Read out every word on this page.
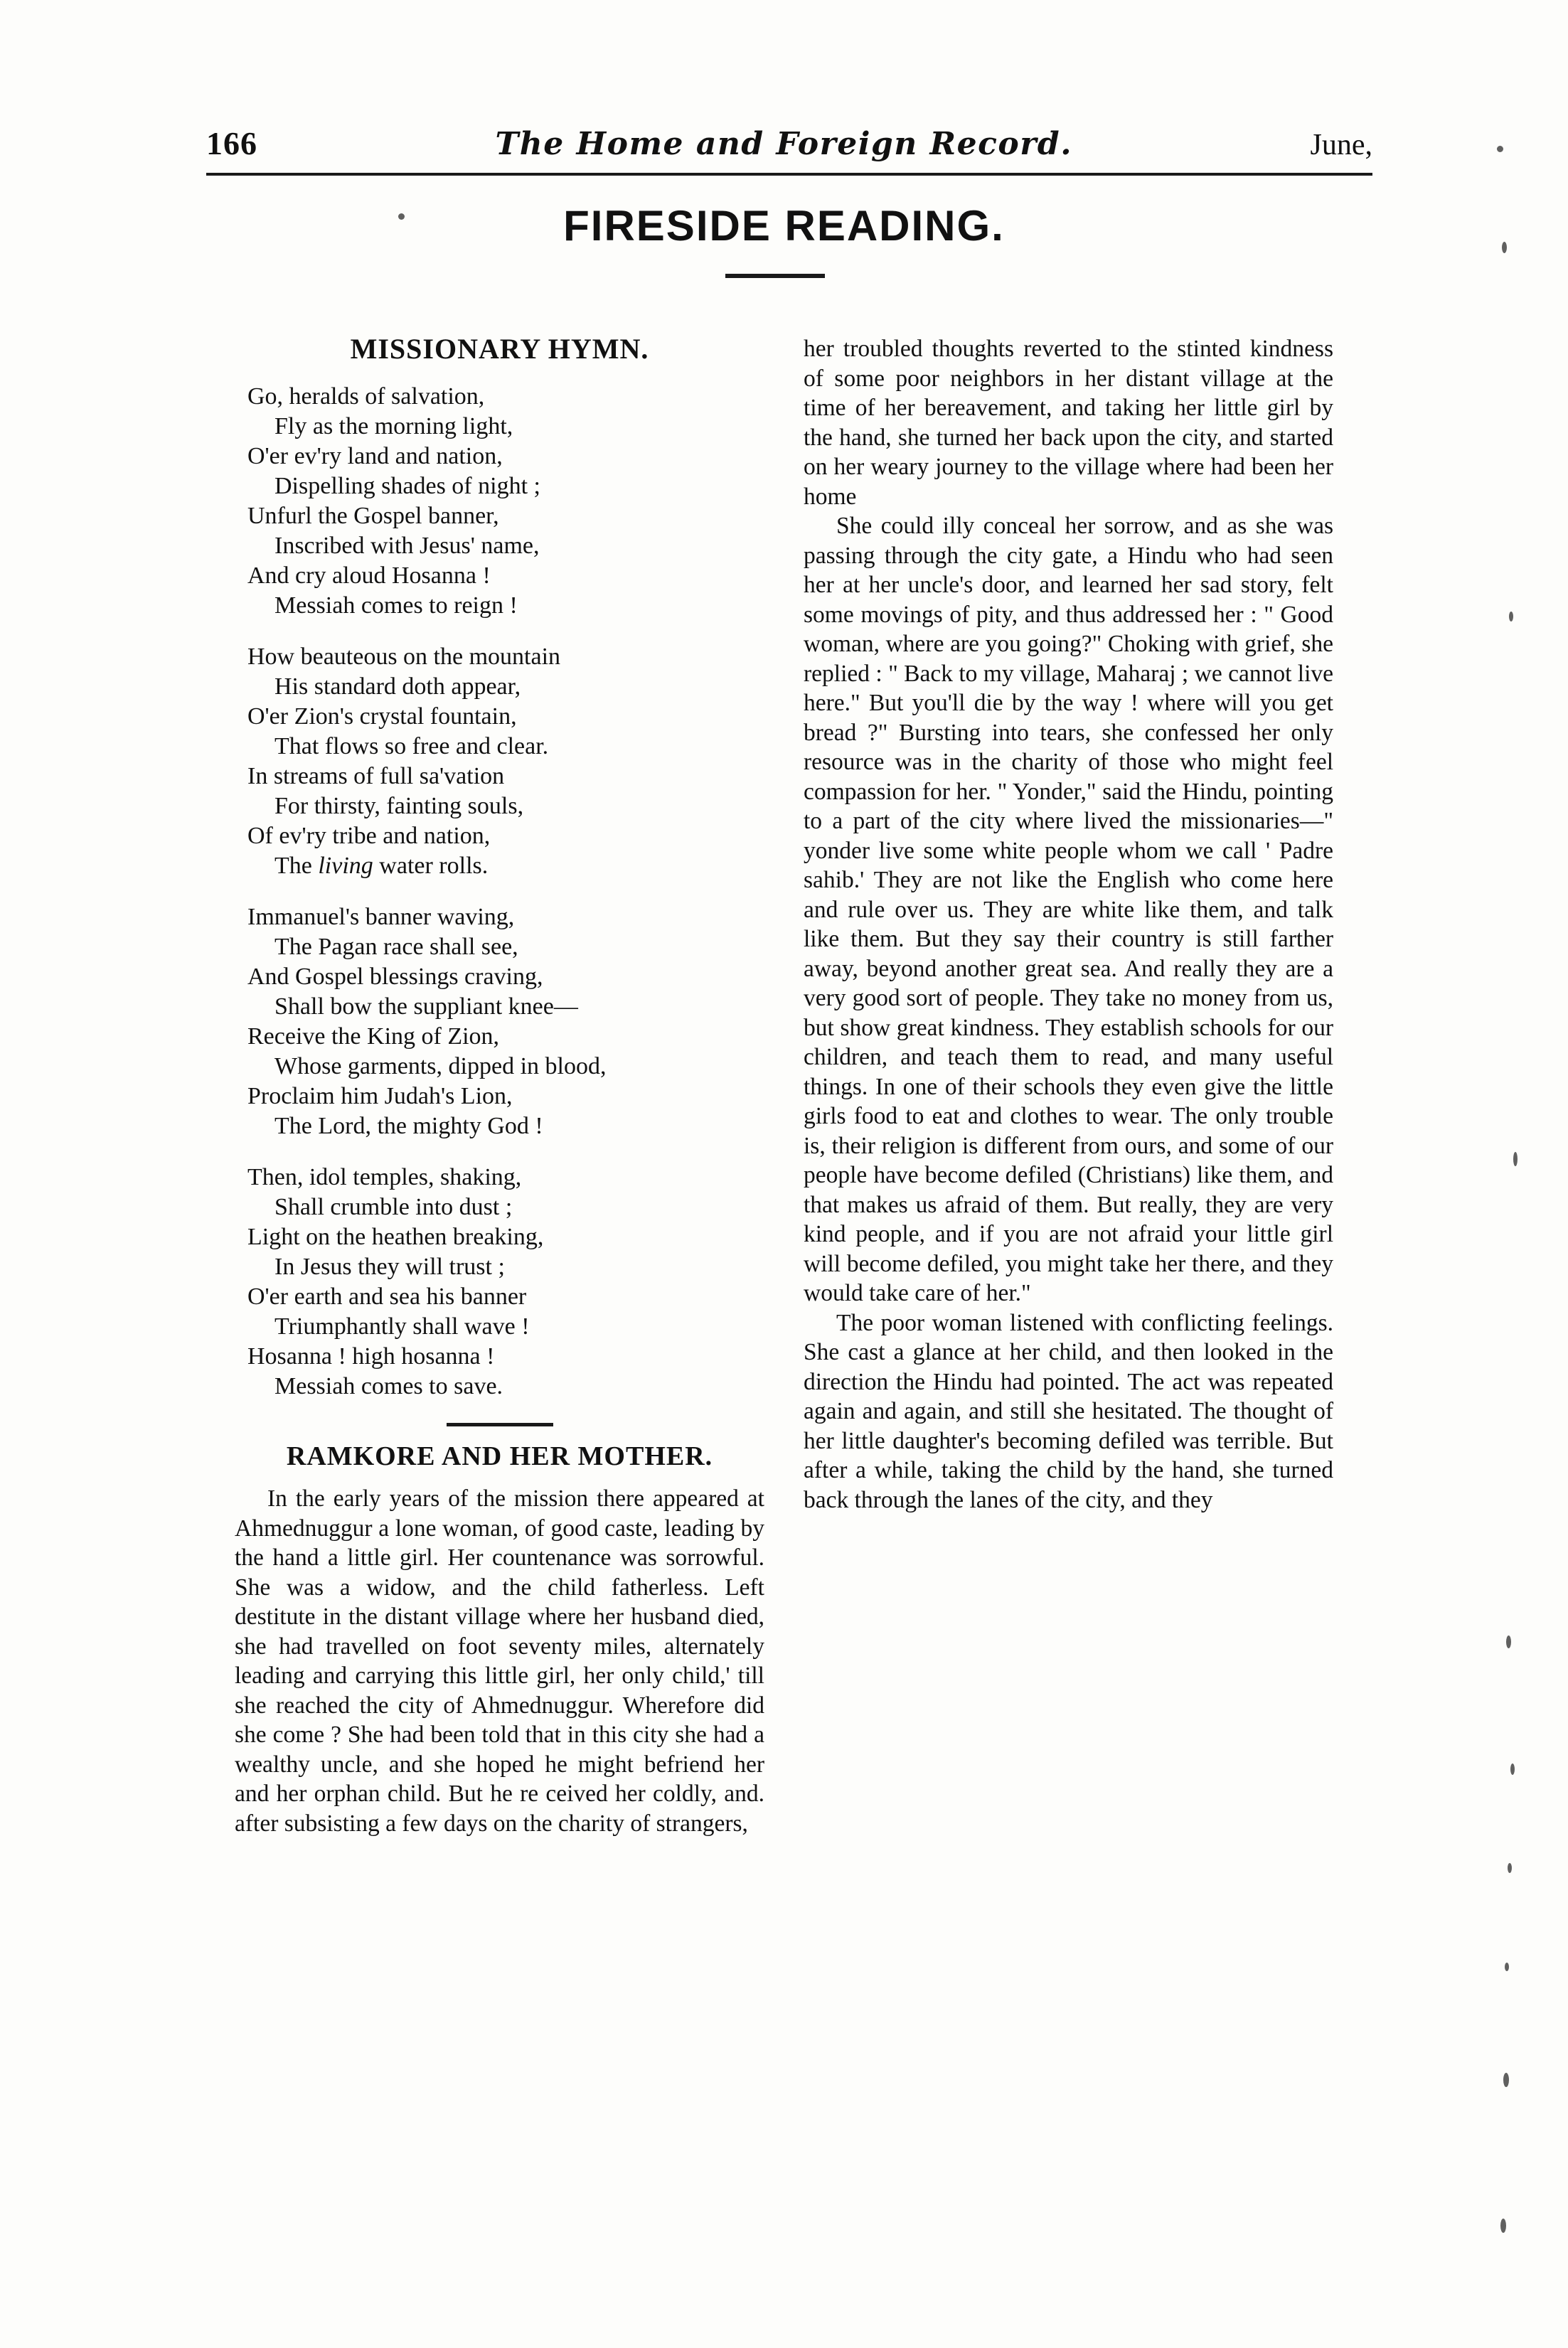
166	The Home and Foreign Record.	June,
FIRESIDE READING.
MISSIONARY HYMN.
Go, heralds of salvation,
Fly as the morning light,
O'er ev'ry land and nation,
Dispelling shades of night ;
Unfurl the Gospel banner,
Inscribed with Jesus' name,
And cry aloud Hosanna !
Messiah comes to reign !
How beauteous on the mountain
His standard doth appear,
O'er Zion's crystal fountain,
That flows so free and clear.
In streams of full sa'vation
For thirsty, fainting souls,
Of ev'ry tribe and nation,
The living water rolls.
Immanuel's banner waving,
The Pagan race shall see,
And Gospel blessings craving,
Shall bow the suppliant knee—
Receive the King of Zion,
Whose garments, dipped in blood,
Proclaim him Judah's Lion,
The Lord, the mighty God !
Then, idol temples, shaking,
Shall crumble into dust ;
Light on the heathen breaking,
In Jesus they will trust ;
O'er earth and sea his banner
Triumphantly shall wave !
Hosanna ! high hosanna !
Messiah comes to save.
RAMKORE AND HER MOTHER.

In the early years of the mission there appeared at Ahmednuggur a lone woman, of good caste, leading by the hand a little girl. Her countenance was sorrowful. She was a widow, and the child fatherless. Left destitute in the distant village where her husband died, she had travelled on foot seventy miles, alternately leading and carrying this little girl, her only child,' till she reached the city of Ahmednuggur. Wherefore did she come ? She had been told that in this city she had a wealthy uncle, and she hoped he might befriend her and her orphan child. But he re ceived her coldly, and. after subsisting a few days on the charity of strangers,

her troubled thoughts reverted to the stinted kindness of some poor neighbors in her distant village at the time of her bereavement, and taking her little girl by the hand, she turned her back upon the city, and started on her weary journey to the village where had been her home

She could illy conceal her sorrow, and as she was passing through the city gate, a Hindu who had seen her at her uncle's door, and learned her sad story, felt some movings of pity, and thus addressed her : " Good woman, where are you going?" Choking with grief, she replied : " Back to my village, Maharaj ; we cannot live here." But you'll die by the way ! where will you get bread ?" Bursting into tears, she confessed her only resource was in the charity of those who might feel compassion for her. " Yonder," said the Hindu, pointing to a part of the city where lived the missionaries—" yonder live some white people whom we call ' Padre sahib.' They are not like the English who come here and rule over us. They are white like them, and talk like them. But they say their country is still farther away, beyond another great sea. And really they are a very good sort of people. They take no money from us, but show great kindness. They establish schools for our children, and teach them to read, and many useful things. In one of their schools they even give the little girls food to eat and clothes to wear. The only trouble is, their religion is different from ours, and some of our people have become defiled (Christians) like them, and that makes us afraid of them. But really, they are very kind people, and if you are not afraid your little girl will become defiled, you might take her there, and they would take care of her."

The poor woman listened with conflicting feelings. She cast a glance at her child, and then looked in the direction the Hindu had pointed. The act was repeated again and again, and still she hesitated. The thought of her little daughter's becoming defiled was terrible. But after a while, taking the child by the hand, she turned back through the lanes of the city, and they
